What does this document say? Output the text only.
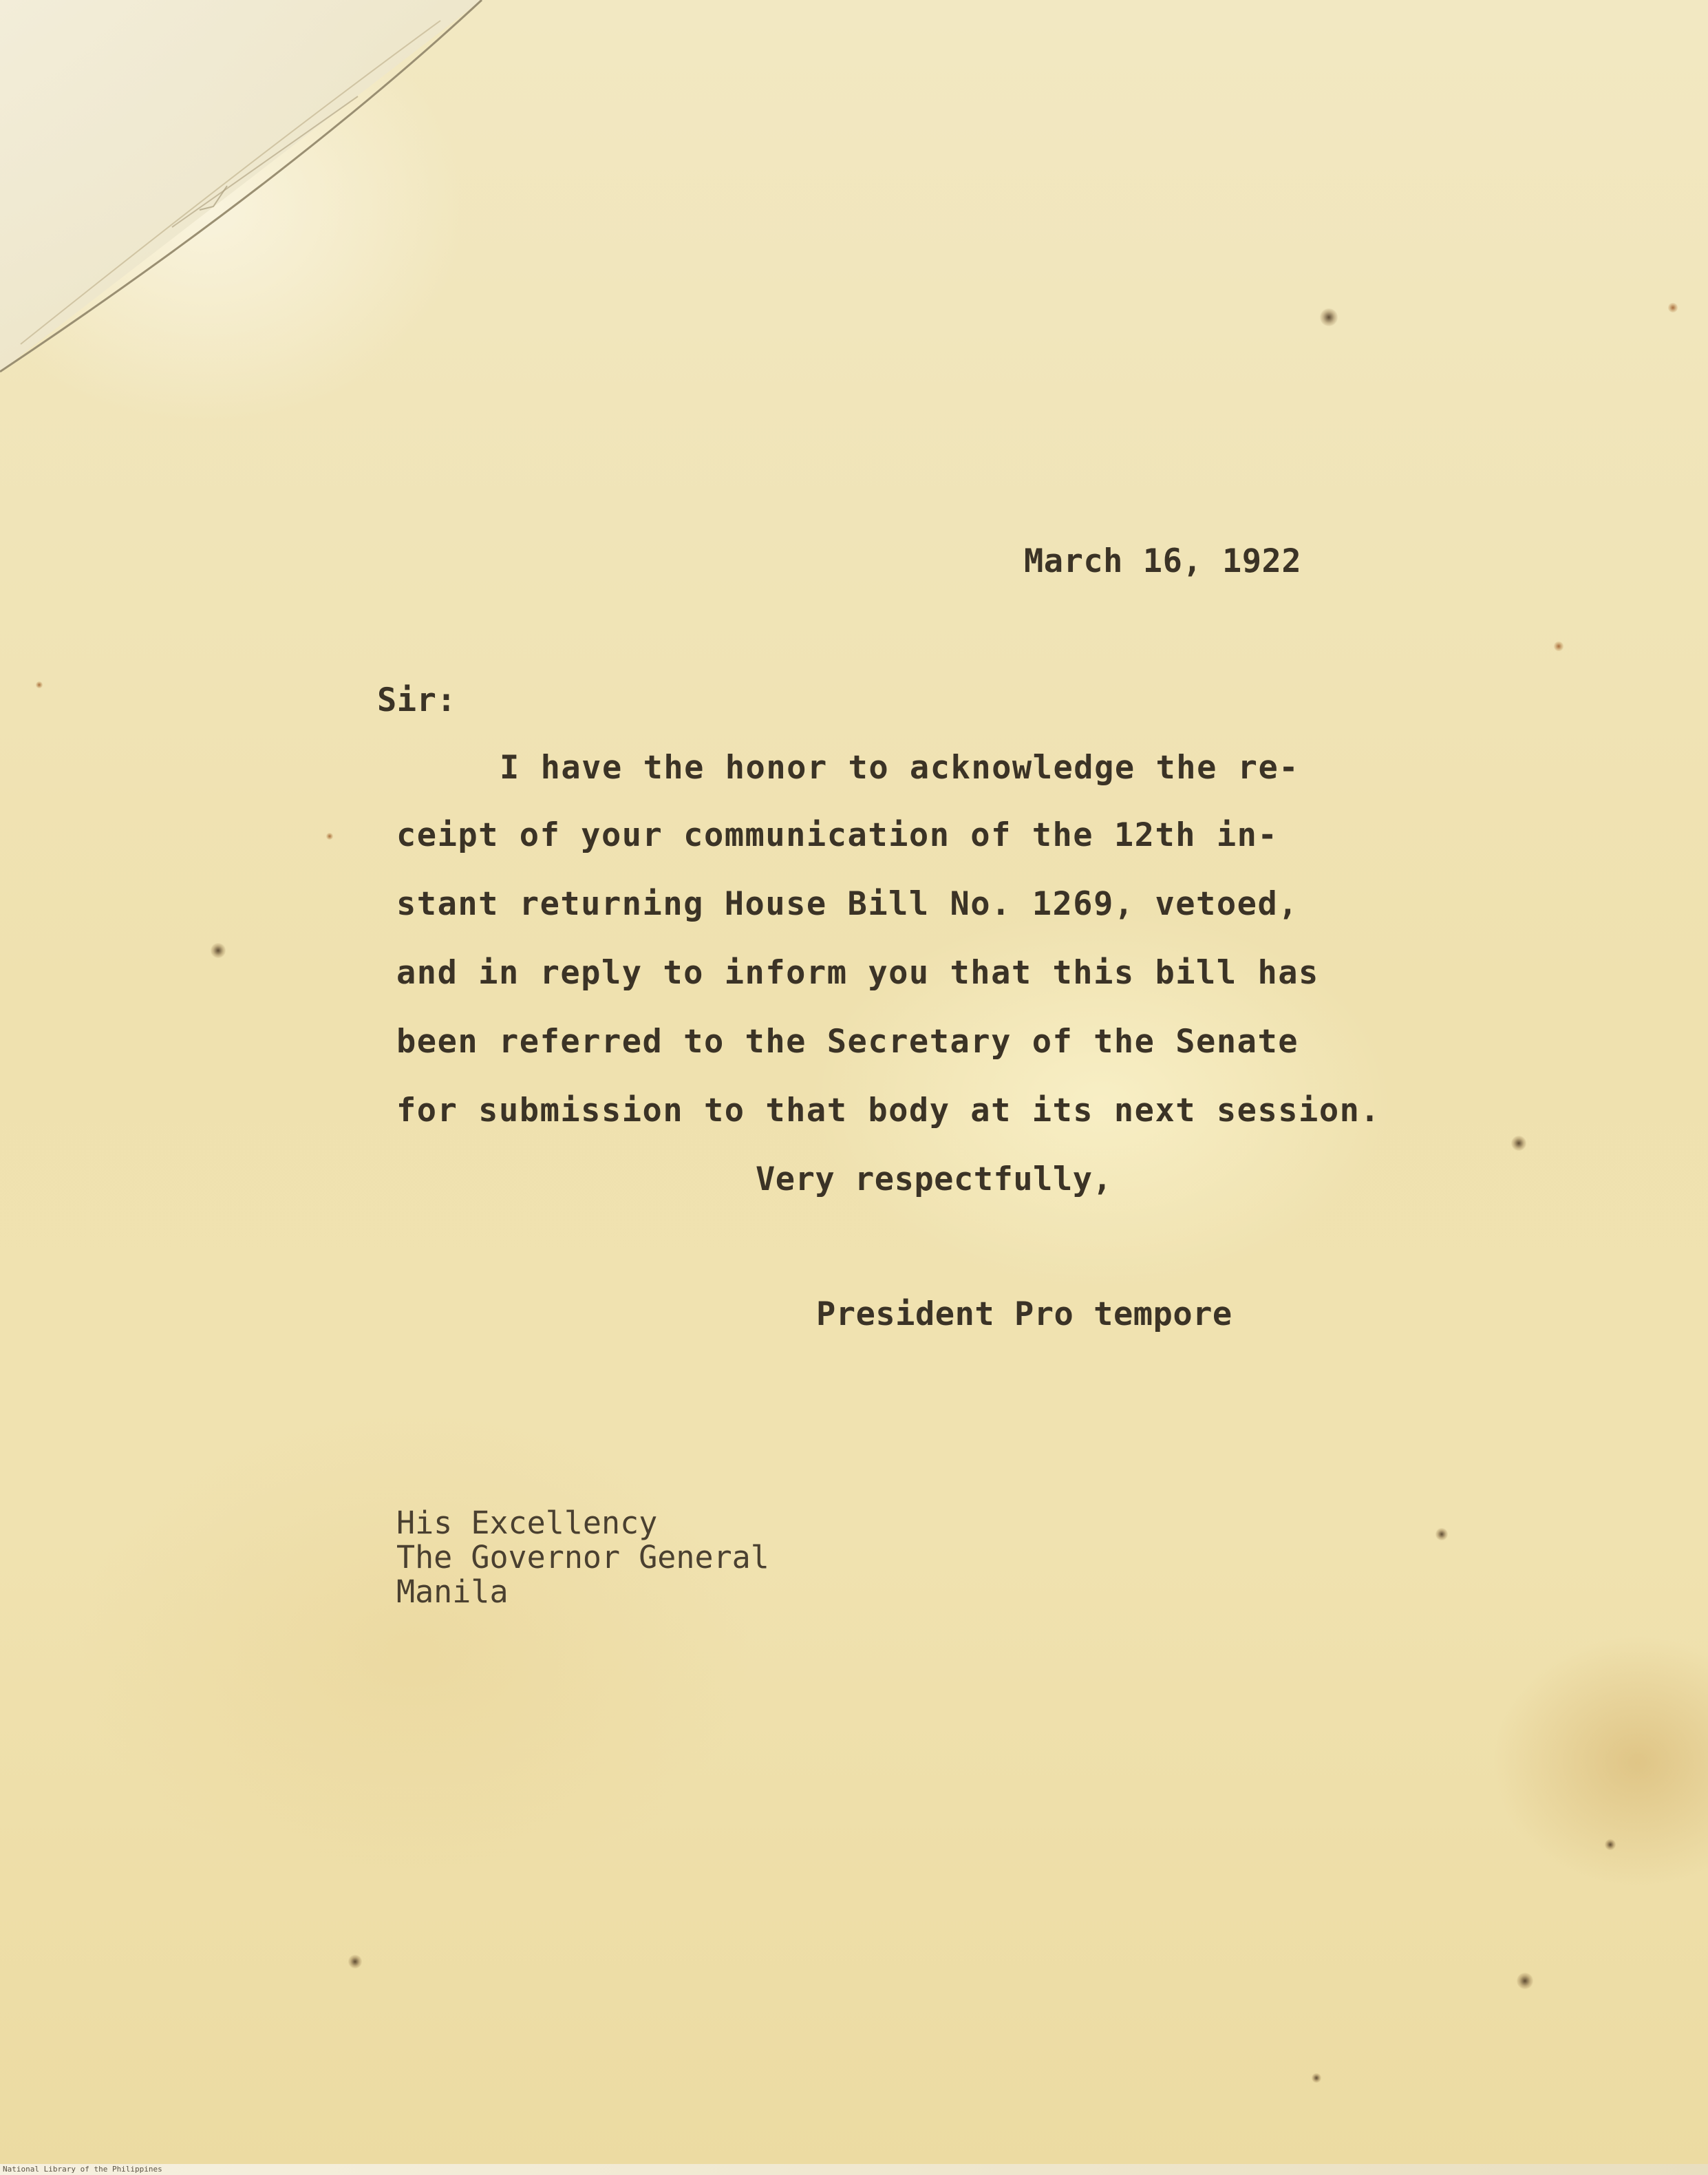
March 16, 1922
Sir:
I have the honor to acknowledge the re-
ceipt of your communication of the 12th in-
stant returning House Bill No. 1269, vetoed,
and in reply to inform you that this bill has
been referred to the Secretary of the Senate
for submission to that body at its next session.
Very respectfully,
President Pro tempore
His Excellency
The Governor General
Manila
National Library of the Philippines
